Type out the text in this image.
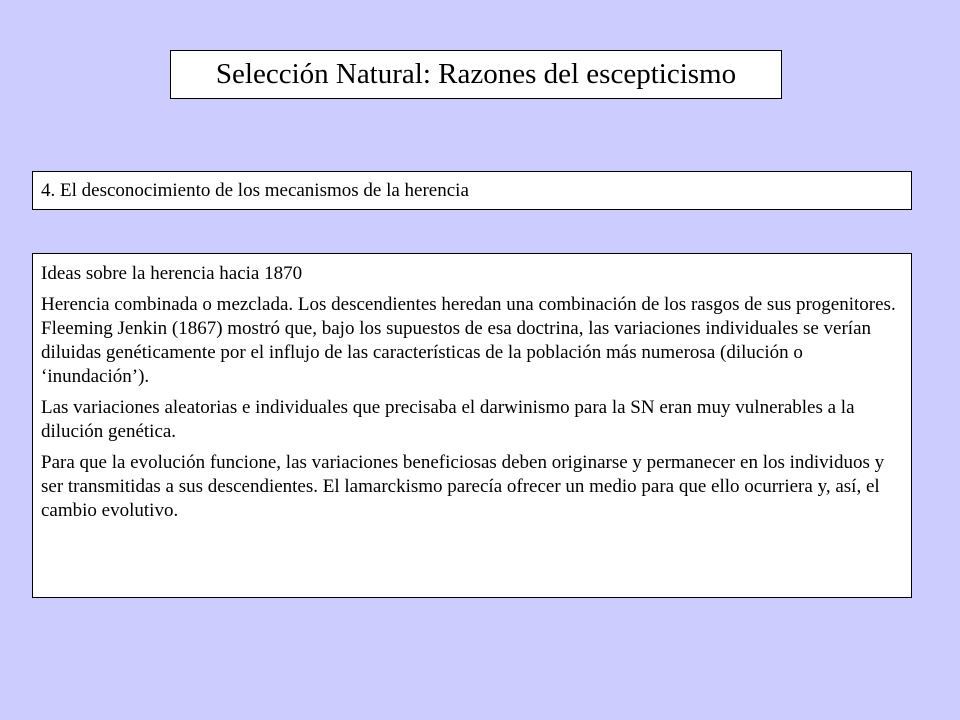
Selección Natural: Razones del escepticismo
4. El desconocimiento de los mecanismos de la herencia

Ideas sobre la herencia hacia 1870

Herencia combinada o mezclada. Los descendientes heredan una combinación de los rasgos de sus progenitores. Fleeming Jenkin (1867) mostró que, bajo los supuestos de esa doctrina, las variaciones individuales se verían diluidas genéticamente por el influjo de las características de la población más numerosa (dilución o ‘inundación’).

Las variaciones aleatorias e individuales que precisaba el darwinismo para la SN eran muy vulnerables a la dilución genética.

Para que la evolución funcione, las variaciones beneficiosas deben originarse y permanecer en los individuos y ser transmitidas a sus descendientes. El lamarckismo parecía ofrecer un medio para que ello ocurriera y, así, el cambio evolutivo.
